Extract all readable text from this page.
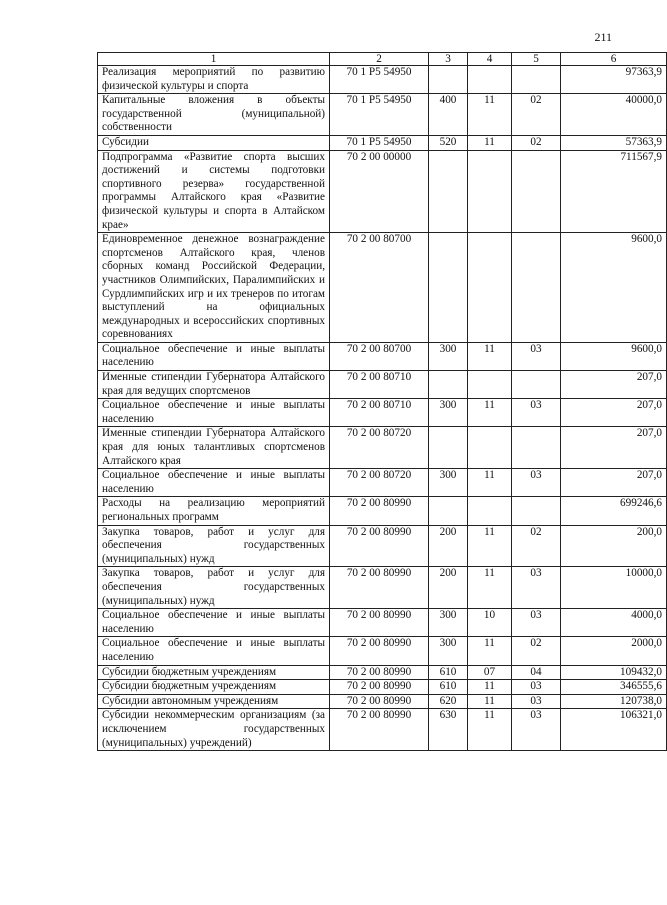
211
1	2	3	4	5	6
Реализация мероприятий по развитию физической культуры и спорта	70 1 P5 54950				97363,9
Капитальные вложения в объекты государственной (муниципальной) собственности	70 1 P5 54950	400	11	02	40000,0
Субсидии	70 1 P5 54950	520	11	02	57363,9
Подпрограмма «Развитие спорта высших достижений и системы подготовки спортивного резерва» государственной программы Алтайского края «Развитие физической культуры и спорта в Алтайском крае»	70 2 00 00000				711567,9
Единовременное денежное вознаграждение спортсменов Алтайского края, членов сборных команд Российской Федерации, участников Олимпийских, Паралимпийских и Сурдлимпийских игр и их тренеров по итогам выступлений на официальных международных и всероссийских спортивных соревнованиях	70 2 00 80700				9600,0
Социальное обеспечение и иные выплаты населению	70 2 00 80700	300	11	03	9600,0
Именные стипендии Губернатора Алтайского края для ведущих спортсменов	70 2 00 80710				207,0
Социальное обеспечение и иные выплаты населению	70 2 00 80710	300	11	03	207,0
Именные стипендии Губернатора Алтайского края для юных талантливых спортсменов Алтайского края	70 2 00 80720				207,0
Социальное обеспечение и иные выплаты населению	70 2 00 80720	300	11	03	207,0
Расходы на реализацию мероприятий региональных программ	70 2 00 80990				699246,6
Закупка товаров, работ и услуг для обеспечения государственных (муниципальных) нужд	70 2 00 80990	200	11	02	200,0
Закупка товаров, работ и услуг для обеспечения государственных (муниципальных) нужд	70 2 00 80990	200	11	03	10000,0
Социальное обеспечение и иные выплаты населению	70 2 00 80990	300	10	03	4000,0
Социальное обеспечение и иные выплаты населению	70 2 00 80990	300	11	02	2000,0
Субсидии бюджетным учреждениям	70 2 00 80990	610	07	04	109432,0
Субсидии бюджетным учреждениям	70 2 00 80990	610	11	03	346555,6
Субсидии автономным учреждениям	70 2 00 80990	620	11	03	120738,0
Субсидии некоммерческим организациям (за исключением государственных (муниципальных) учреждений)	70 2 00 80990	630	11	03	106321,0
